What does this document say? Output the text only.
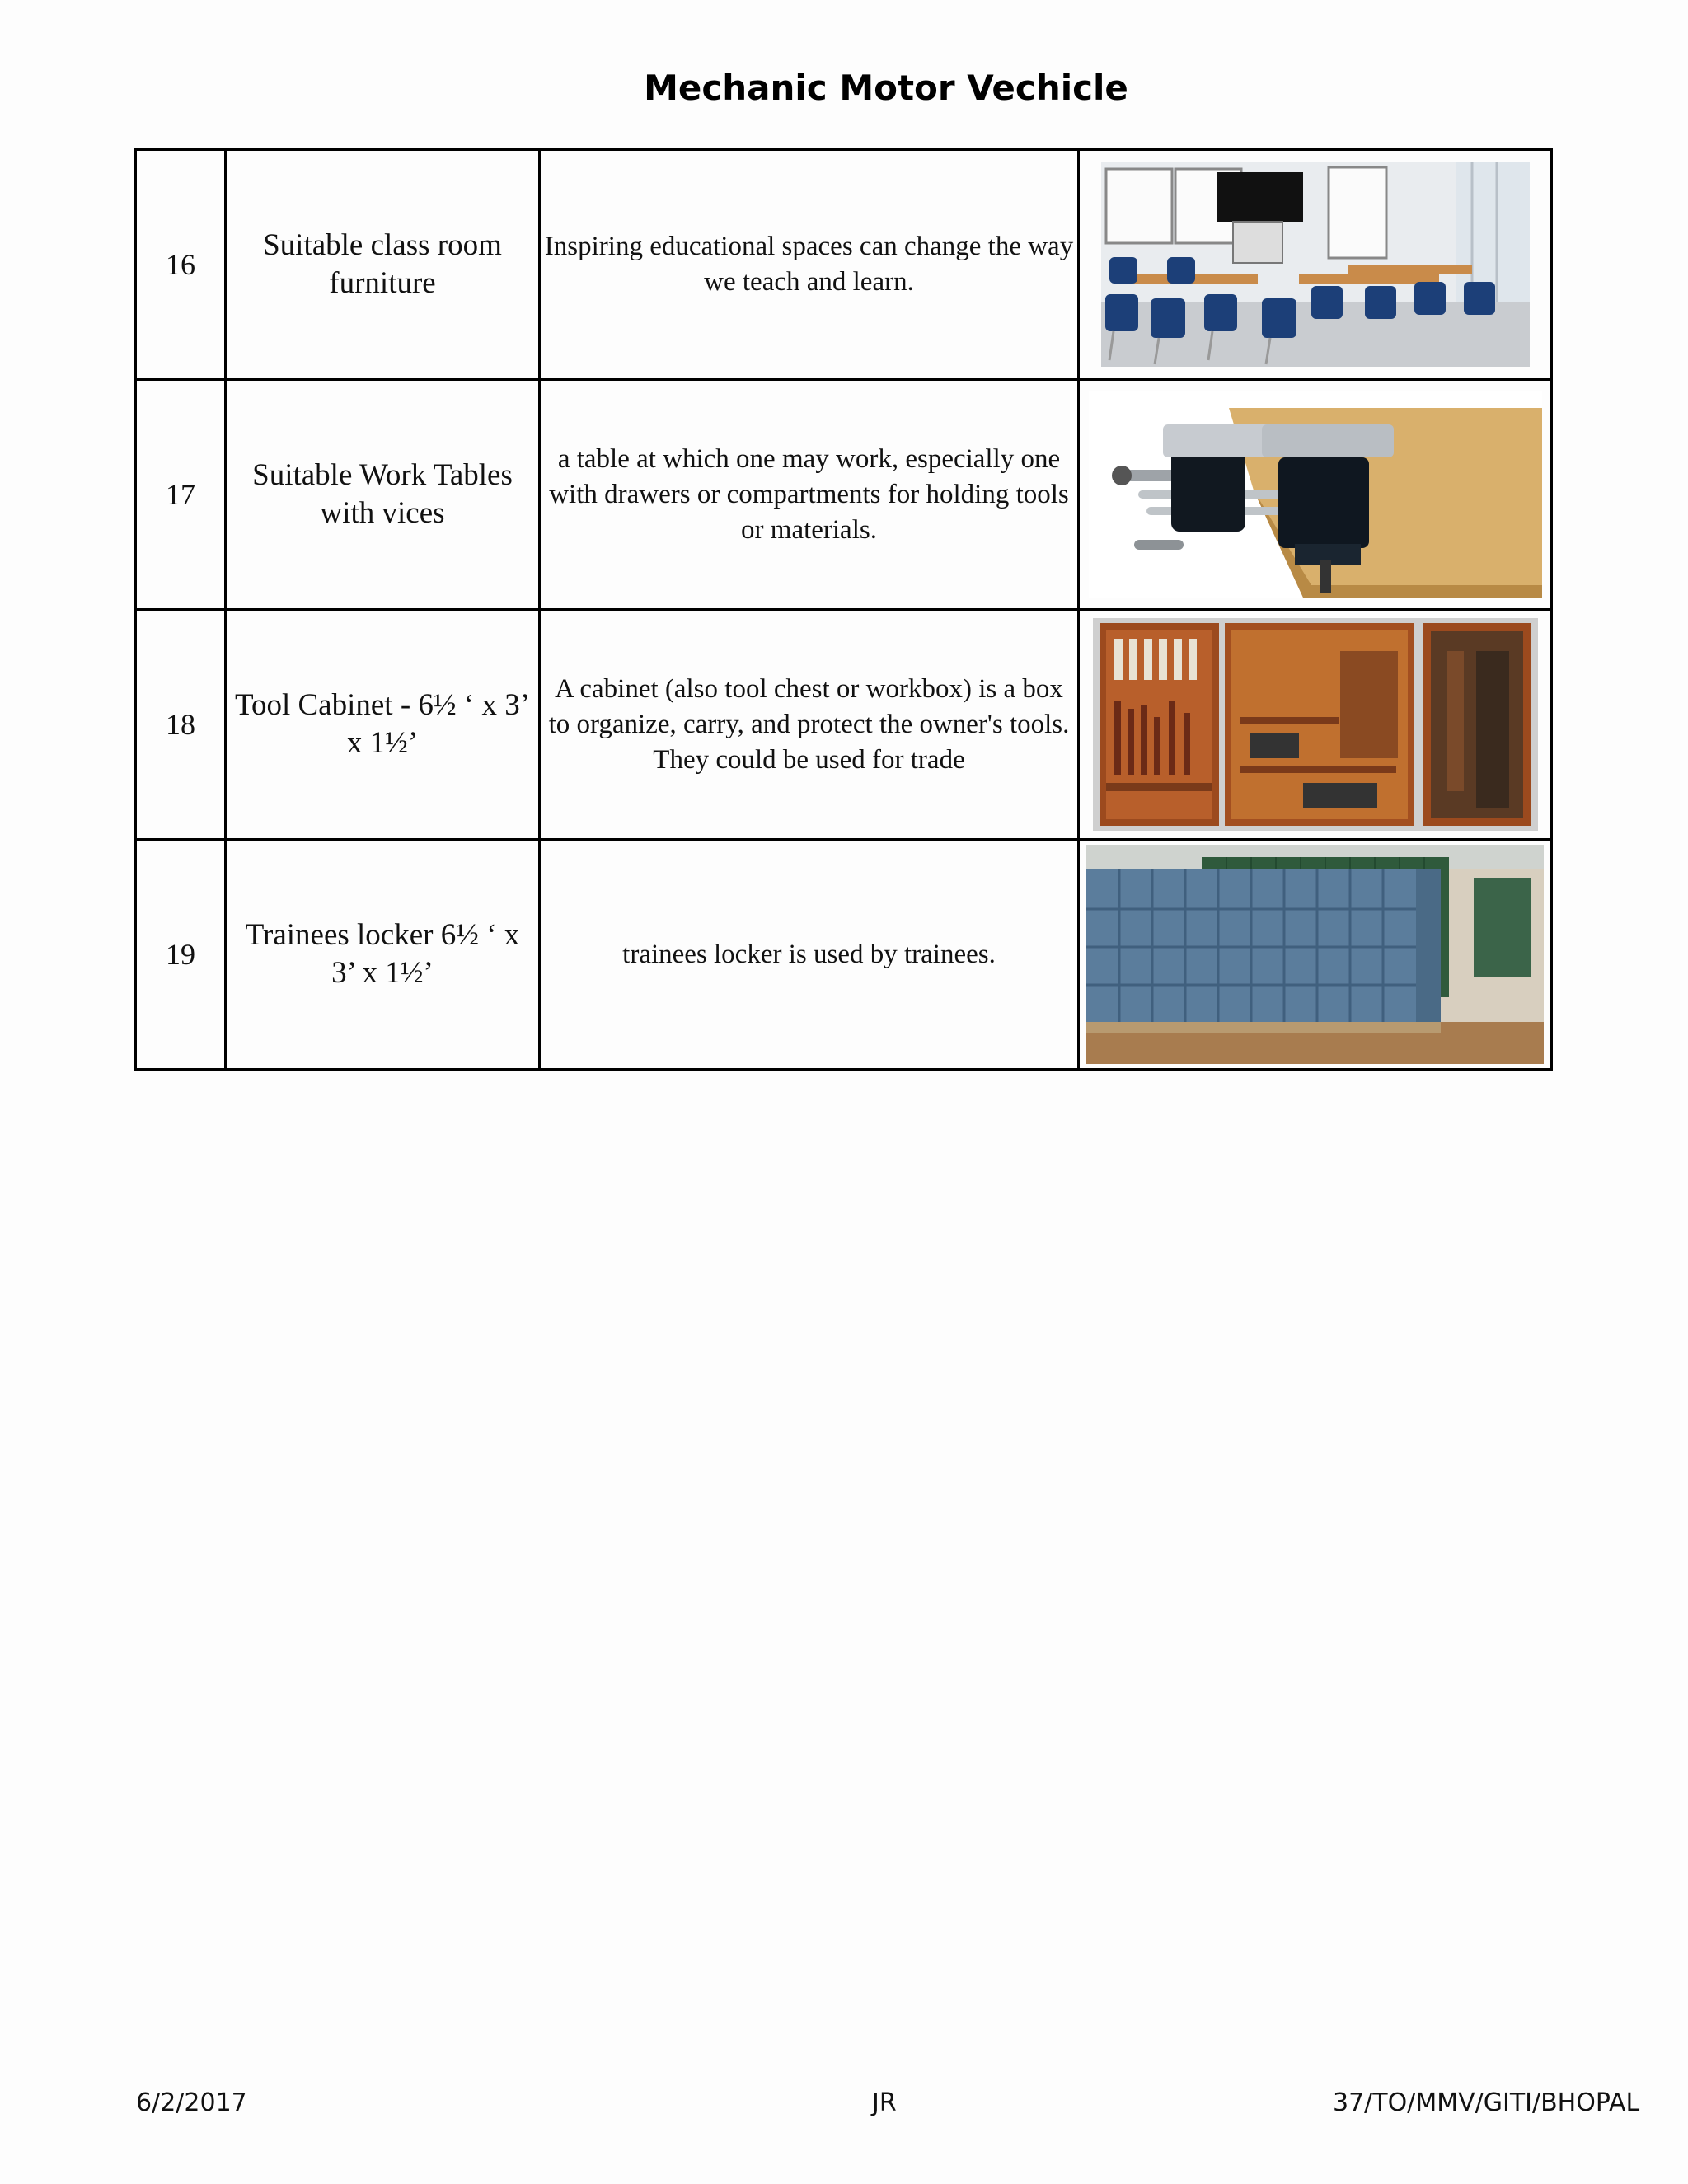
Mechanic Motor Vechicle
16	Suitable class room furniture	Inspiring educational spaces can change the way we teach and learn.	

17	Suitable Work Tables with vices	a table at which one may work, especially one with drawers or compartments for holding tools or materials.	

18	Tool Cabinet - 6½ ‘ x 3’ x 1½’	A cabinet (also tool chest or workbox) is a box to organize, carry, and protect the owner's tools. They could be used for trade	

19	Trainees locker 6½ ‘ x 3’ x 1½’	trainees locker is used by trainees.	
6/2/2017	JR	37/TO/MMV/GITI/BHOPAL
